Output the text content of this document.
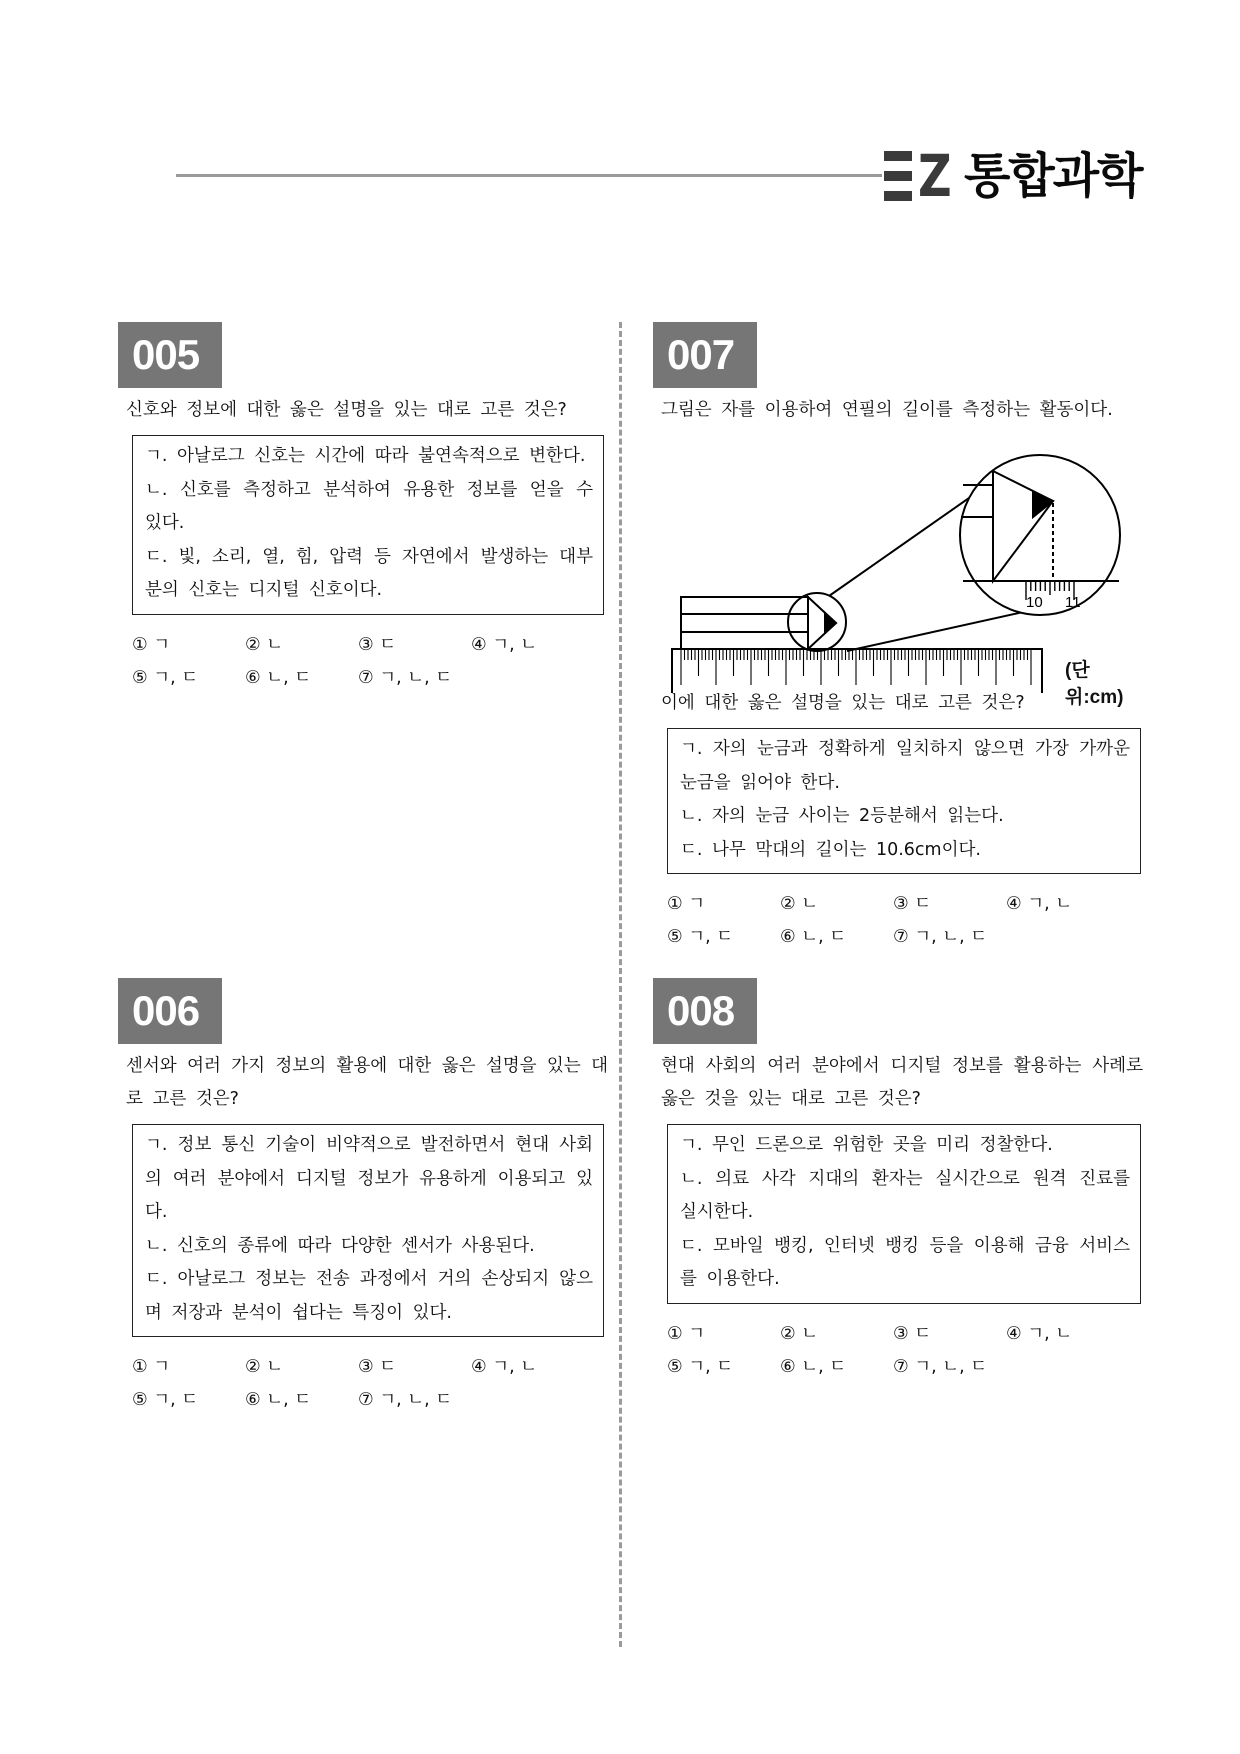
Z 통합과학
005
신호와 정보에 대한 옳은 설명을 있는 대로 고른 것은?

ㄱ. 아날로그 신호는 시간에 따라 불연속적으로 변한다.

ㄴ. 신호를 측정하고 분석하여 유용한 정보를 얻을 수 있다.

ㄷ. 빛, 소리, 열, 힘, 압력 등 자연에서 발생하는 대부분의 신호는 디지털 신호이다.

① ㄱ	② ㄴ	③ ㄷ	④ ㄱ, ㄴ
⑤ ㄱ, ㄷ	⑥ ㄴ, ㄷ	⑦ ㄱ, ㄴ, ㄷ
006
센서와 여러 가지 정보의 활용에 대한 옳은 설명을 있는 대로 고른 것은?

ㄱ. 정보 통신 기술이 비약적으로 발전하면서 현대 사회의 여러 분야에서 디지털 정보가 유용하게 이용되고 있다.

ㄴ. 신호의 종류에 따라 다양한 센서가 사용된다.

ㄷ. 아날로그 정보는 전송 과정에서 거의 손상되지 않으며 저장과 분석이 쉽다는 특징이 있다.

① ㄱ	② ㄴ	③ ㄷ	④ ㄱ, ㄴ
⑤ ㄱ, ㄷ	⑥ ㄴ, ㄷ	⑦ ㄱ, ㄴ, ㄷ
007
그림은 자를 이용하여 연필의 길이를 측정하는 활동이다.
10 11
(단위:cm)
이에 대한 옳은 설명을 있는 대로 고른 것은?

ㄱ. 자의 눈금과 정확하게 일치하지 않으면 가장 가까운 눈금을 읽어야 한다.

ㄴ. 자의 눈금 사이는 2등분해서 읽는다.

ㄷ. 나무 막대의 길이는 10.6cm이다.

① ㄱ	② ㄴ	③ ㄷ	④ ㄱ, ㄴ
⑤ ㄱ, ㄷ	⑥ ㄴ, ㄷ	⑦ ㄱ, ㄴ, ㄷ
008
현대 사회의 여러 분야에서 디지털 정보를 활용하는 사례로 옳은 것을 있는 대로 고른 것은?

ㄱ. 무인 드론으로 위험한 곳을 미리 정찰한다.

ㄴ. 의료 사각 지대의 환자는 실시간으로 원격 진료를 실시한다.

ㄷ. 모바일 뱅킹, 인터넷 뱅킹 등을 이용해 금융 서비스를 이용한다.

① ㄱ	② ㄴ	③ ㄷ	④ ㄱ, ㄴ
⑤ ㄱ, ㄷ	⑥ ㄴ, ㄷ	⑦ ㄱ, ㄴ, ㄷ
